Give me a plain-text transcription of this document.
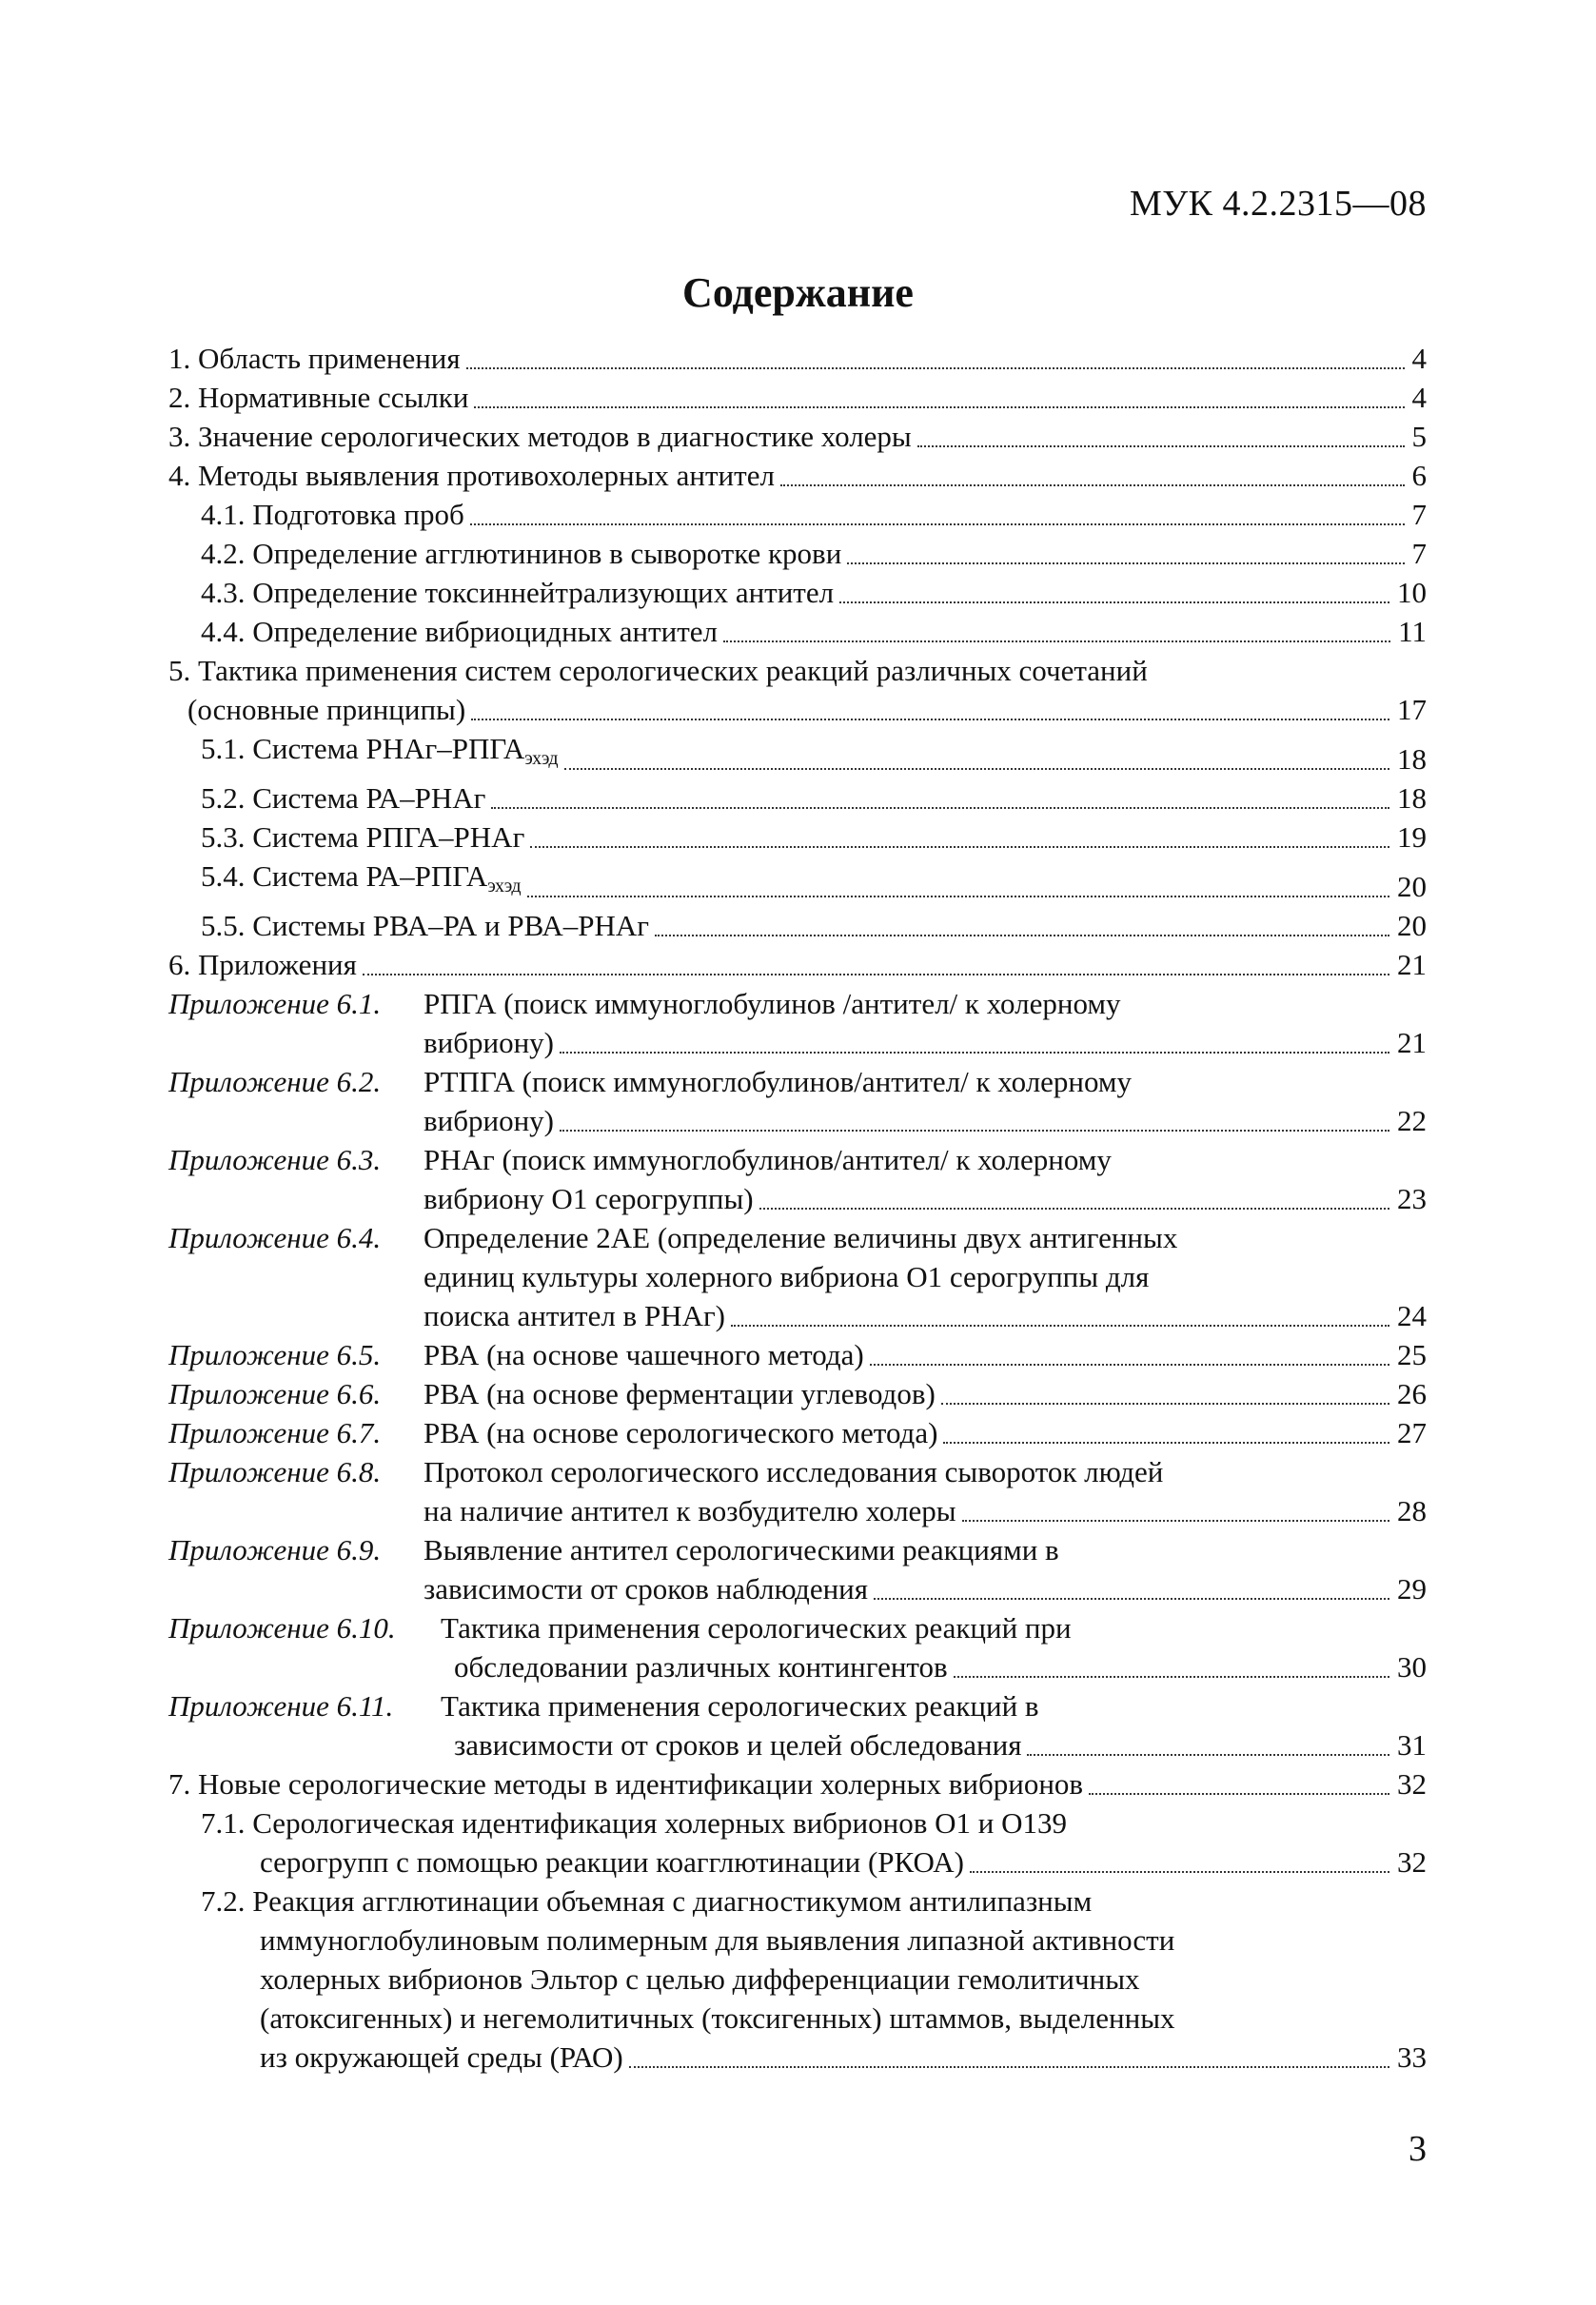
МУК 4.2.2315—08
Содержание
1. Область применения	4
2. Нормативные ссылки	4
3. Значение серологических методов в диагностике холеры	5
4. Методы выявления противохолерных антител	6
4.1. Подготовка проб	7
4.2. Определение агглютининов в сыворотке крови	7
4.3. Определение токсиннейтрализующих антител	10
4.4. Определение вибриоцидных антител	11
5. Тактика применения систем серологических реакций различных сочетаний
(основные принципы)	17
5.1. Система РНАг–$РПГА_{эхэд}$	18
5.2. Система РА–РНАг	18
5.3. Система РПГА–РНАг	19
5.4. Система $РА-РПГА_{эхэд}$	20
5.5. Системы РВА–РА и РВА–РНАг	20
6. Приложения	21
Приложение 6.1. РПГА (поиск иммуноглобулинов /антител/ к холерному
вибриону)	21
Приложение 6.2. РТПГА (поиск иммуноглобулинов/антител/ к холерному
вибриону)	22
Приложение 6.3. РНАг (поиск иммуноглобулинов/антител/ к холерному
вибриону О1 серогруппы)	23
Приложение 6.4. Определение 2АЕ (определение величины двух антигенных
единиц культуры холерного вибриона О1 серогруппы для
поиска антител в РНАг)	24
Приложение 6.5. РВА (на основе чашечного метода)	25
Приложение 6.6. РВА (на основе ферментации углеводов)	26
Приложение 6.7. РВА (на основе серологического метода)	27
Приложение 6.8. Протокол серологического исследования сывороток людей
на наличие антител к возбудителю холеры	28
Приложение 6.9. Выявление антител серологическими реакциями в
зависимости от сроков наблюдения	29
Приложение 6.10. Тактика применения серологических реакций при
обследовании различных контингентов	30
Приложение 6.11. Тактика применения серологических реакций в
зависимости от сроков и целей обследования	31
7. Новые серологические методы в идентификации холерных вибрионов	32
7.1. Серологическая идентификация холерных вибрионов О1 и О139
серогрупп с помощью реакции коагглютинации (РКОА)	32
7.2. Реакция агглютинации объемная с диагностикумом антилипазным
иммуноглобулиновым полимерным для выявления липазной активности
холерных вибрионов Эльтор с целью дифференциации гемолитичных
(атоксигенных) и негемолитичных (токсигенных) штаммов, выделенных
из окружающей среды (РАО)	33
3
